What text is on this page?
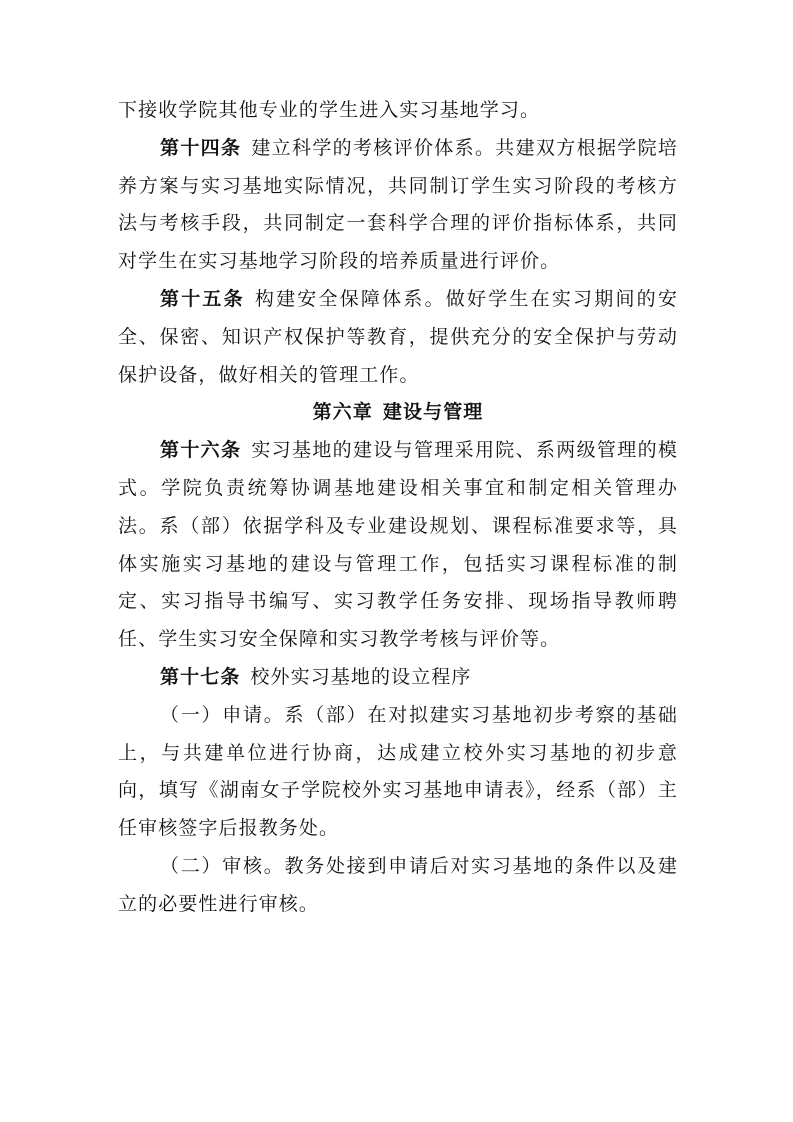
下接收学院其他专业的学生进入实习基地学习。

第十四条 建立科学的考核评价体系。共建双方根据学院培养方案与实习基地实际情况，共同制订学生实习阶段的考核方法与考核手段，共同制定一套科学合理的评价指标体系，共同对学生在实习基地学习阶段的培养质量进行评价。

第十五条 构建安全保障体系。做好学生在实习期间的安全、保密、知识产权保护等教育，提供充分的安全保护与劳动保护设备，做好相关的管理工作。

第六章 建设与管理

第十六条 实习基地的建设与管理采用院、系两级管理的模式。学院负责统筹协调基地建设相关事宜和制定相关管理办法。系（部）依据学科及专业建设规划、课程标准要求等，具体实施实习基地的建设与管理工作，包括实习课程标准的制定、实习指导书编写、实习教学任务安排、现场指导教师聘任、学生实习安全保障和实习教学考核与评价等。

第十七条 校外实习基地的设立程序

（一）申请。系（部）在对拟建实习基地初步考察的基础上，与共建单位进行协商，达成建立校外实习基地的初步意向，填写《湖南女子学院校外实习基地申请表》，经系（部）主任审核签字后报教务处。

（二）审核。教务处接到申请后对实习基地的条件以及建立的必要性进行审核。
